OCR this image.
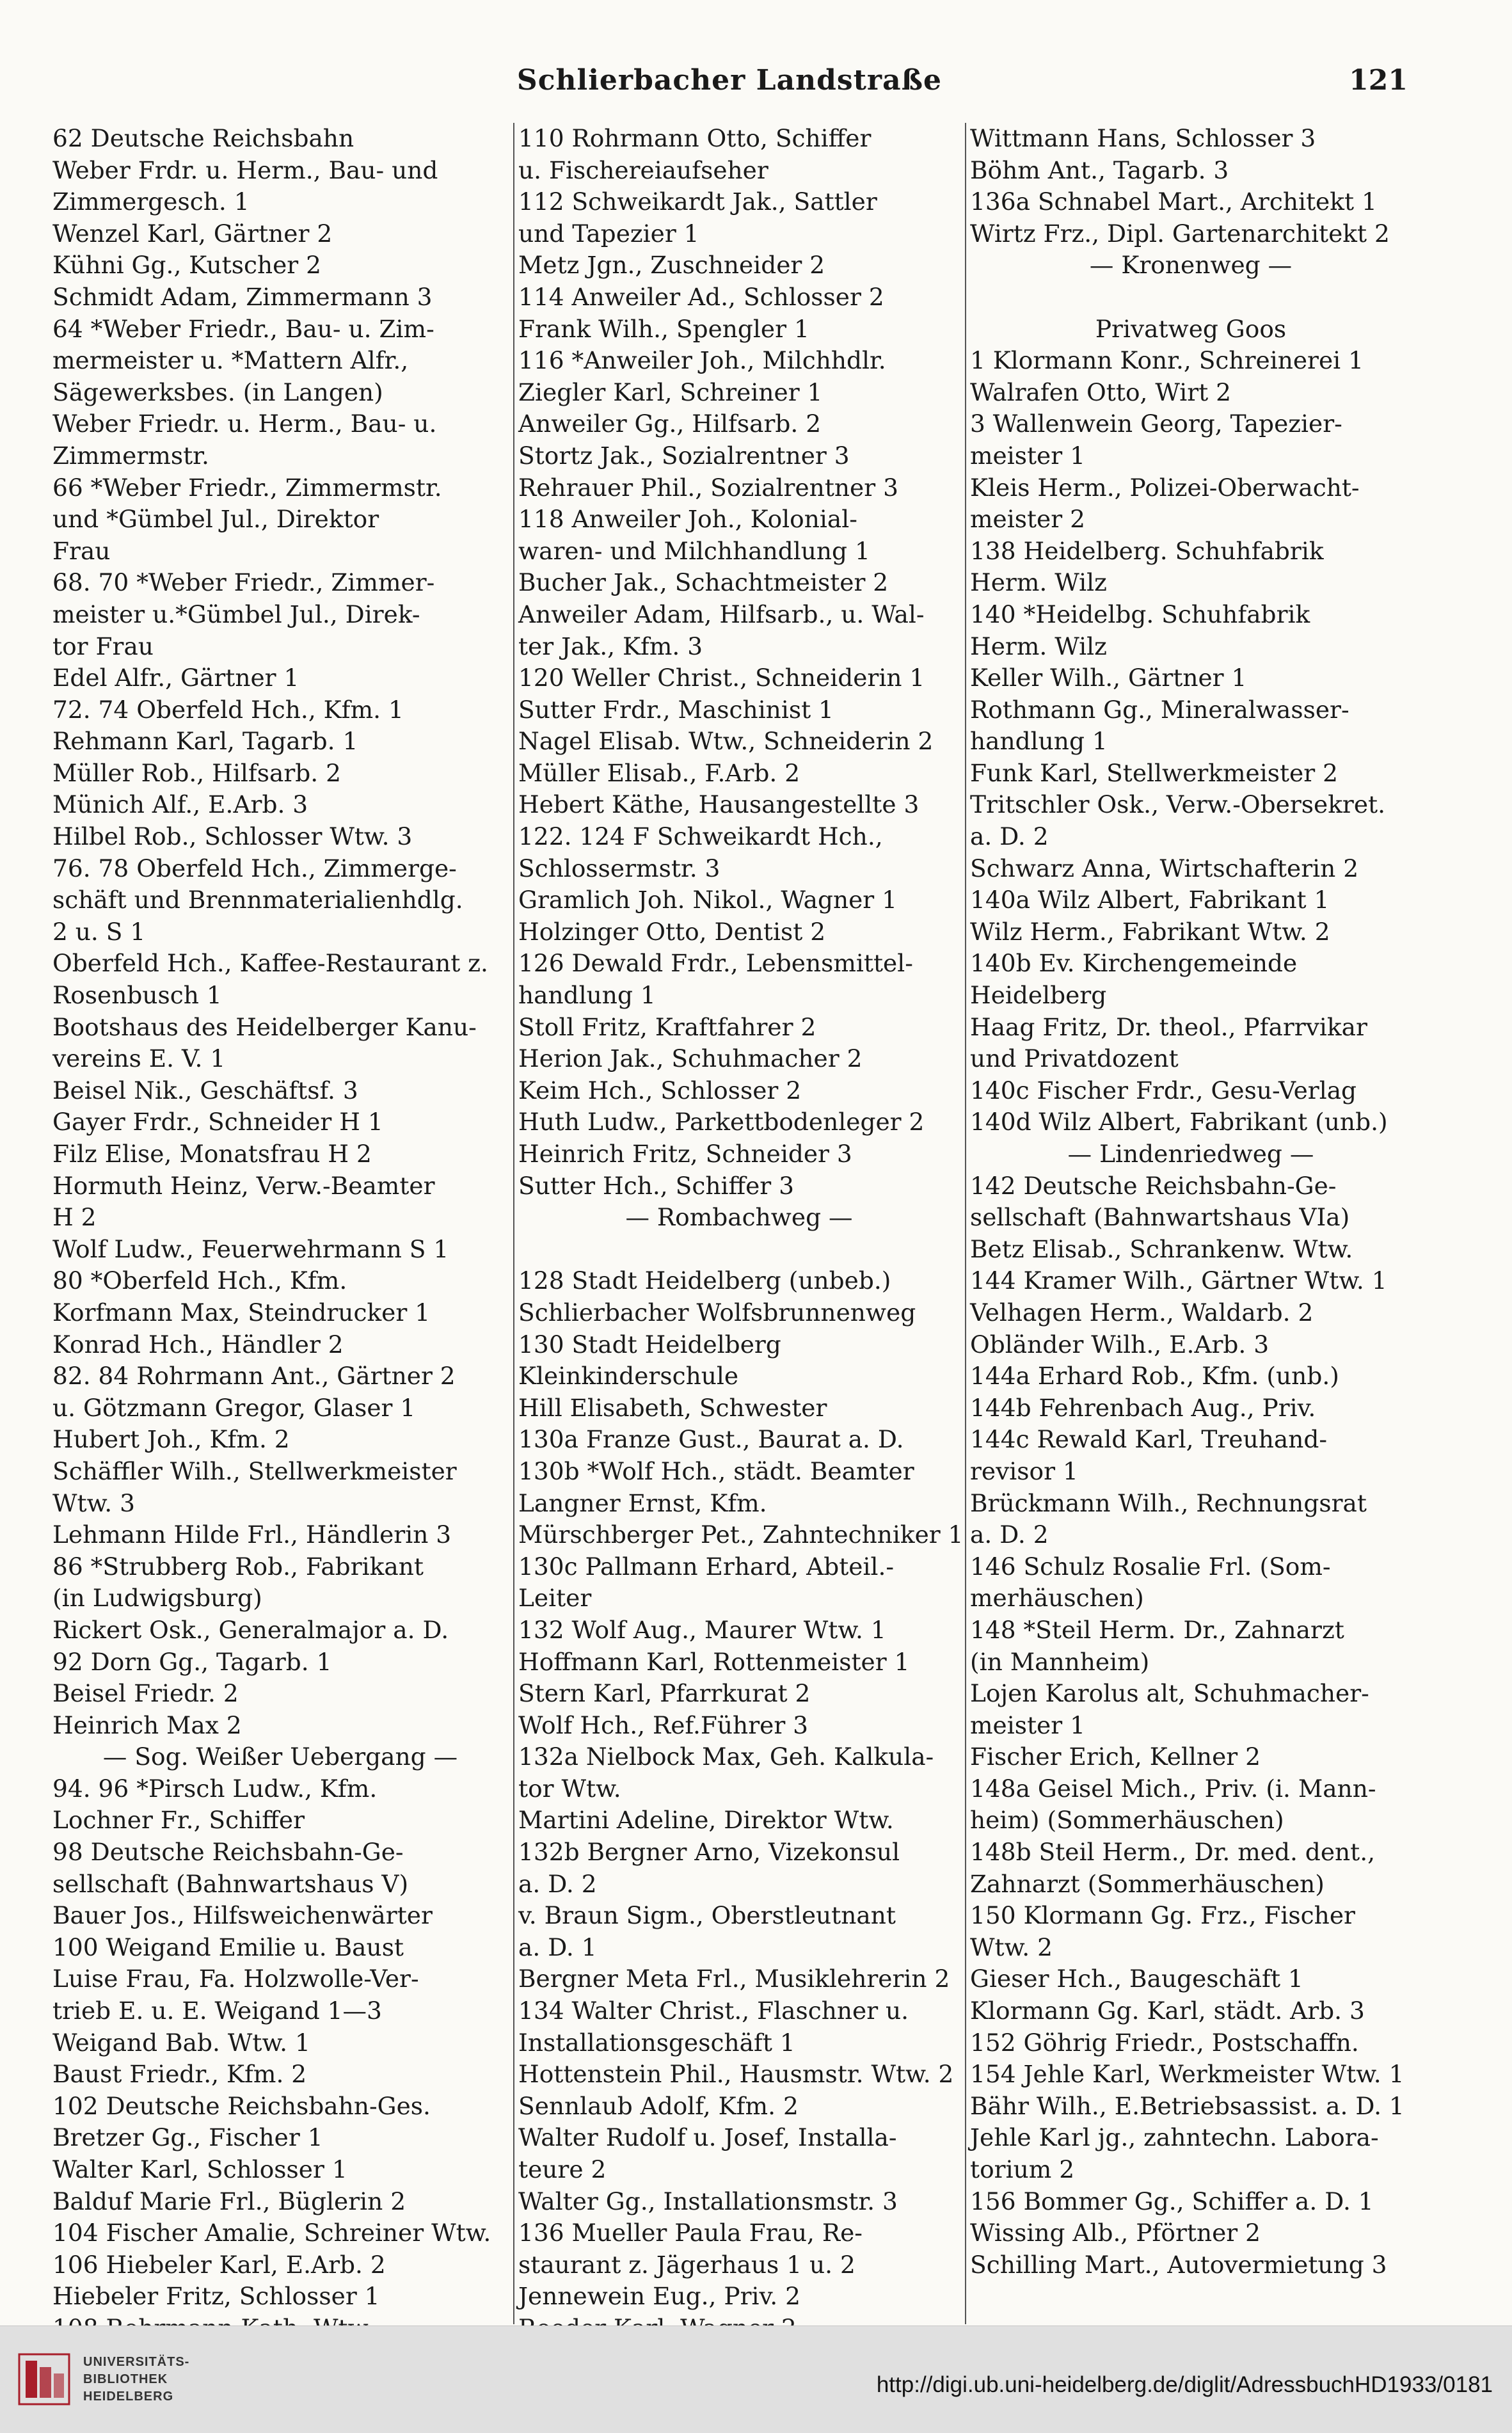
Schlierbacher Landstraße	121
62 Deutsche Reichsbahn
Weber Frdr. u. Herm., Bau- und
Zimmergesch. 1
Wenzel Karl, Gärtner 2
Kühni Gg., Kutscher 2
Schmidt Adam, Zimmermann 3
64 *Weber Friedr., Bau- u. Zim-
mermeister u. *Mattern Alfr.,
Sägewerksbes. (in Langen)
Weber Friedr. u. Herm., Bau- u.
Zimmermstr.
66 *Weber Friedr., Zimmermstr.
und *Gümbel Jul., Direktor
Frau
68. 70 *Weber Friedr., Zimmer-
meister u.*Gümbel Jul., Direk-
tor Frau
Edel Alfr., Gärtner 1
72. 74 Oberfeld Hch., Kfm. 1
Rehmann Karl, Tagarb. 1
Müller Rob., Hilfsarb. 2
Münich Alf., E.Arb. 3
Hilbel Rob., Schlosser Wtw. 3
76. 78 Oberfeld Hch., Zimmerge-
schäft und Brennmaterialienhdlg.
2 u. S 1
Oberfeld Hch., Kaffee-Restaurant z.
Rosenbusch 1
Bootshaus des Heidelberger Kanu-
vereins E. V. 1
Beisel Nik., Geschäftsf. 3
Gayer Frdr., Schneider H 1
Filz Elise, Monatsfrau H 2
Hormuth Heinz, Verw.-Beamter
H 2
Wolf Ludw., Feuerwehrmann S 1
80 *Oberfeld Hch., Kfm.
Korfmann Max, Steindrucker 1
Konrad Hch., Händler 2
82. 84 Rohrmann Ant., Gärtner 2
u. Götzmann Gregor, Glaser 1
Hubert Joh., Kfm. 2
Schäffler Wilh., Stellwerkmeister
Wtw. 3
Lehmann Hilde Frl., Händlerin 3
86 *Strubberg Rob., Fabrikant
(in Ludwigsburg)
Rickert Osk., Generalmajor a. D.
92 Dorn Gg., Tagarb. 1
Beisel Friedr. 2
Heinrich Max 2
— Sog. Weißer Uebergang —
94. 96 *Pirsch Ludw., Kfm.
Lochner Fr., Schiffer
98 Deutsche Reichsbahn-Ge-
sellschaft (Bahnwartshaus V)
Bauer Jos., Hilfsweichenwärter
100 Weigand Emilie u. Baust
Luise Frau, Fa. Holzwolle-Ver-
trieb E. u. E. Weigand 1—3
Weigand Bab. Wtw. 1
Baust Friedr., Kfm. 2
102 Deutsche Reichsbahn-Ges.
Bretzer Gg., Fischer 1
Walter Karl, Schlosser 1
Balduf Marie Frl., Büglerin 2
104 Fischer Amalie, Schreiner Wtw.
106 Hiebeler Karl, E.Arb. 2
Hiebeler Fritz, Schlosser 1
110 Rohrmann Otto, Schiffer
u. Fischereiaufseher
112 Schweikardt Jak., Sattler
und Tapezier 1
Metz Jgn., Zuschneider 2
114 Anweiler Ad., Schlosser 2
Frank Wilh., Spengler 1
116 *Anweiler Joh., Milchhdlr.
Ziegler Karl, Schreiner 1
Anweiler Gg., Hilfsarb. 2
Stortz Jak., Sozialrentner 3
Rehrauer Phil., Sozialrentner 3
118 Anweiler Joh., Kolonial-
waren- und Milchhandlung 1
Bucher Jak., Schachtmeister 2
Anweiler Adam, Hilfsarb., u. Wal-
ter Jak., Kfm. 3
120 Weller Christ., Schneiderin 1
Sutter Frdr., Maschinist 1
Nagel Elisab. Wtw., Schneiderin 2
Müller Elisab., F.Arb. 2
Hebert Käthe, Hausangestellte 3
122. 124 F Schweikardt Hch.,
Schlossermstr. 3
Gramlich Joh. Nikol., Wagner 1
Holzinger Otto, Dentist 2
126 Dewald Frdr., Lebensmittel-
handlung 1
Stoll Fritz, Kraftfahrer 2
Herion Jak., Schuhmacher 2
Keim Hch., Schlosser 2
Huth Ludw., Parkettbodenleger 2
Heinrich Fritz, Schneider 3
Sutter Hch., Schiffer 3
— Rombachweg —

128 Stadt Heidelberg (unbeb.)
Schlierbacher Wolfsbrunnenweg
130 Stadt Heidelberg
Kleinkinderschule
Hill Elisabeth, Schwester
130a Franze Gust., Baurat a. D.
130b *Wolf Hch., städt. Beamter
Langner Ernst, Kfm.
Mürschberger Pet., Zahntechniker 1
130c Pallmann Erhard, Abteil.-
Leiter
132 Wolf Aug., Maurer Wtw. 1
Hoffmann Karl, Rottenmeister 1
Stern Karl, Pfarrkurat 2
Wolf Hch., Ref.Führer 3
132a Nielbock Max, Geh. Kalkula-
tor Wtw.
Martini Adeline, Direktor Wtw.
132b Bergner Arno, Vizekonsul
a. D. 2
v. Braun Sigm., Oberstleutnant
a. D. 1
Bergner Meta Frl., Musiklehrerin 2
134 Walter Christ., Flaschner u.
Installationsgeschäft 1
Hottenstein Phil., Hausmstr. Wtw. 2
Sennlaub Adolf, Kfm. 2
Walter Rudolf u. Josef, Installa-
teure 2
Walter Gg., Installationsmstr. 3
136 Mueller Paula Frau, Re-
staurant z. Jägerhaus 1 u. 2
Jennewein Eug., Priv. 2
Wittmann Hans, Schlosser 3
Böhm Ant., Tagarb. 3
136a Schnabel Mart., Architekt 1
Wirtz Frz., Dipl. Gartenarchitekt 2
— Kronenweg —

Privatweg Goos
1 Klormann Konr., Schreinerei 1
Walrafen Otto, Wirt 2
3 Wallenwein Georg, Tapezier-
meister 1
Kleis Herm., Polizei-Oberwacht-
meister 2
138 Heidelberg. Schuhfabrik
Herm. Wilz
140 *Heidelbg. Schuhfabrik
Herm. Wilz
Keller Wilh., Gärtner 1
Rothmann Gg., Mineralwasser-
handlung 1
Funk Karl, Stellwerkmeister 2
Tritschler Osk., Verw.-Obersekret.
a. D. 2
Schwarz Anna, Wirtschafterin 2
140a Wilz Albert, Fabrikant 1
Wilz Herm., Fabrikant Wtw. 2
140b Ev. Kirchengemeinde
Heidelberg
Haag Fritz, Dr. theol., Pfarrvikar
und Privatdozent
140c Fischer Frdr., Gesu-Verlag
140d Wilz Albert, Fabrikant (unb.)
— Lindenriedweg —
142 Deutsche Reichsbahn-Ge-
sellschaft (Bahnwartshaus VIa)
Betz Elisab., Schrankenw. Wtw.
144 Kramer Wilh., Gärtner Wtw. 1
Velhagen Herm., Waldarb. 2
Obländer Wilh., E.Arb. 3
144a Erhard Rob., Kfm. (unb.)
144b Fehrenbach Aug., Priv.
144c Rewald Karl, Treuhand-
revisor 1
Brückmann Wilh., Rechnungsrat
a. D. 2
146 Schulz Rosalie Frl. (Som-
merhäuschen)
148 *Steil Herm. Dr., Zahnarzt
(in Mannheim)
Lojen Karolus alt, Schuhmacher-
meister 1
Fischer Erich, Kellner 2
148a Geisel Mich., Priv. (i. Mann-
heim) (Sommerhäuschen)
148b Steil Herm., Dr. med. dent.,
Zahnarzt (Sommerhäuschen)
150 Klormann Gg. Frz., Fischer
Wtw. 2
Gieser Hch., Baugeschäft 1
Klormann Gg. Karl, städt. Arb. 3
152 Göhrig Friedr., Postschaffn.
154 Jehle Karl, Werkmeister Wtw. 1
Bähr Wilh., E.Betriebsassist. a. D. 1
Jehle Karl jg., zahntechn. Labora-
torium 2
156 Bommer Gg., Schiffer a. D. 1
Wissing Alb., Pförtner 2
Schilling Mart., Autovermietung 3
UNIVERSITÄTS-
BIBLIOTHEK
HEIDELBERG	http://digi.ub.uni-heidelberg.de/diglit/AdressbuchHD1933/0181
